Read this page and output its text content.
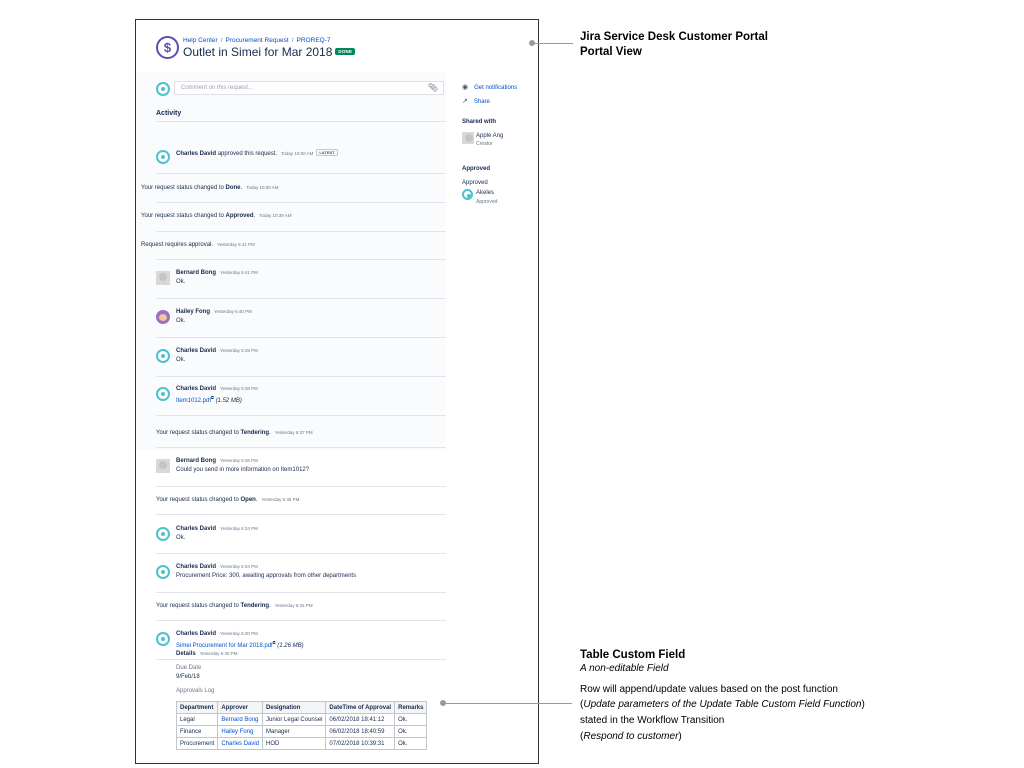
$	Help Center / Procurement Request / PROREQ-7
Outlet in Simei for Mar 2018 DONE
Comment on this request...	📎︎
Activity
Charles David approved this request. Today 10:50 AM LATEST
Your request status changed to Done. Today 10:50 AM
Your request status changed to Approved. Today 10:39 AM
Request requires approval. Yesterday 6:41 PM
Bernard Bong Yesterday 6:41 PM
Ok.
Hailey Fong Yesterday 6:40 PM
Ok.
Charles David Yesterday 6:39 PM
Ok.
Charles David Yesterday 6:38 PM
Item1012.pdf⧉ (1.52 MB)
Your request status changed to Tendering. Yesterday 6:37 PM
Bernard Bong Yesterday 6:36 PM
Could you send in more information on Item1012?
Your request status changed to Open. Yesterday 6:36 PM
Charles David Yesterday 6:34 PM
Ok.
Charles David Yesterday 6:34 PM
Procurement Price: 300, awaiting approvals from other departments
Your request status changed to Tendering. Yesterday 6:34 PM
Charles David Yesterday 6:30 PM
Simei Procurement for Mar 2018.pdf⧉ (1.26 MB)
◉ Get notifications
↗ Share
Shared with
Apple Ang
Creator
Approved
Approved
Akeles
Approved
Details Yesterday 6:30 PM
Due Date
9/Feb/18
Approvals Log
Department	Approver	Designation	DateTime of Approval	Remarks
Legal	Bernard Bong	Junior Legal Counsel	06/02/2018 18:41:12	Ok.
Finance	Hailey Fong	Manager	06/02/2018 18:40:59	Ok.
Procurement	Charles David	HOD	07/02/2018 10:39:31	Ok.
Jira Service Desk Customer Portal
Portal View
Table Custom Field
A non-editable Field
Row will append/update values based on the post function
(Update parameters of the Update Table Custom Field Function)
stated in the Workflow Transition
(Respond to customer)
